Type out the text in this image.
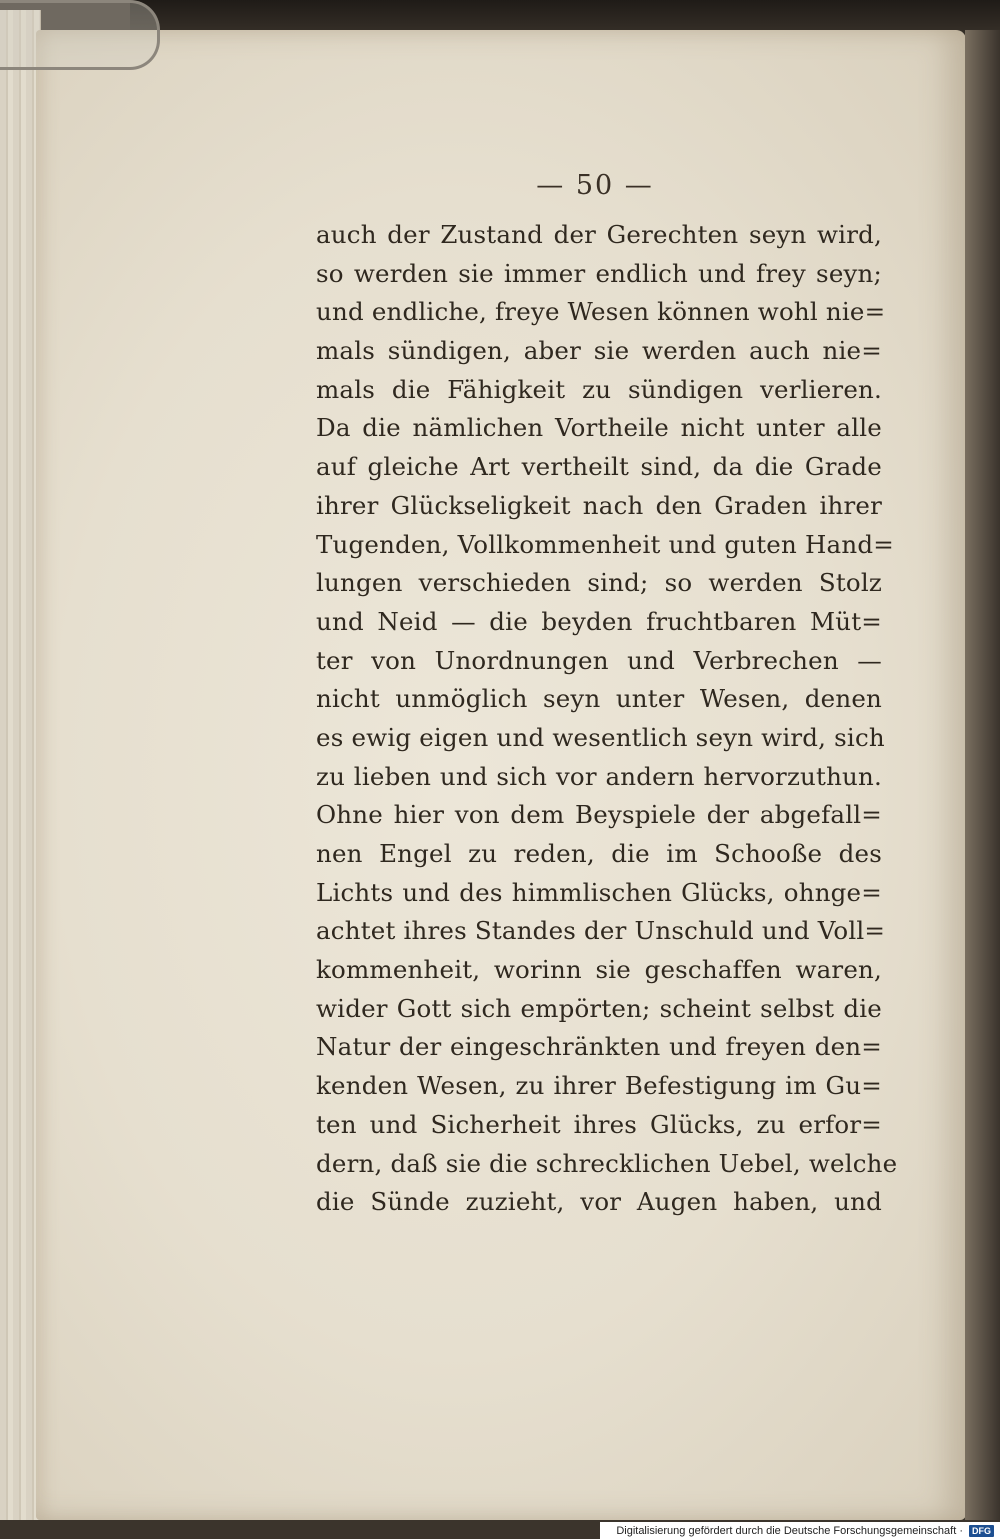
— 50 —
auch der Zustand der Gerechten seyn wird,
so werden sie immer endlich und frey seyn;
und endliche, freye Wesen können wohl nie=
mals sündigen, aber sie werden auch nie=
mals die Fähigkeit zu sündigen verlieren.
Da die nämlichen Vortheile nicht unter alle
auf gleiche Art vertheilt sind, da die Grade
ihrer Glückseligkeit nach den Graden ihrer
Tugenden, Vollkommenheit und guten Hand=
lungen verschieden sind; so werden Stolz
und Neid — die beyden fruchtbaren Müt=
ter von Unordnungen und Verbrechen —
nicht unmöglich seyn unter Wesen, denen
es ewig eigen und wesentlich seyn wird, sich
zu lieben und sich vor andern hervorzuthun.
Ohne hier von dem Beyspiele der abgefall=
nen Engel zu reden, die im Schooße des
Lichts und des himmlischen Glücks, ohnge=
achtet ihres Standes der Unschuld und Voll=
kommenheit, worinn sie geschaffen waren,
wider Gott sich empörten; scheint selbst die
Natur der eingeschränkten und freyen den=
kenden Wesen, zu ihrer Befestigung im Gu=
ten und Sicherheit ihres Glücks, zu erfor=
dern, daß sie die schrecklichen Uebel, welche
die Sünde zuzieht, vor Augen haben, und
Digitalisierung gefördert durch die Deutsche Forschungsgemeinschaft ·	DFG
